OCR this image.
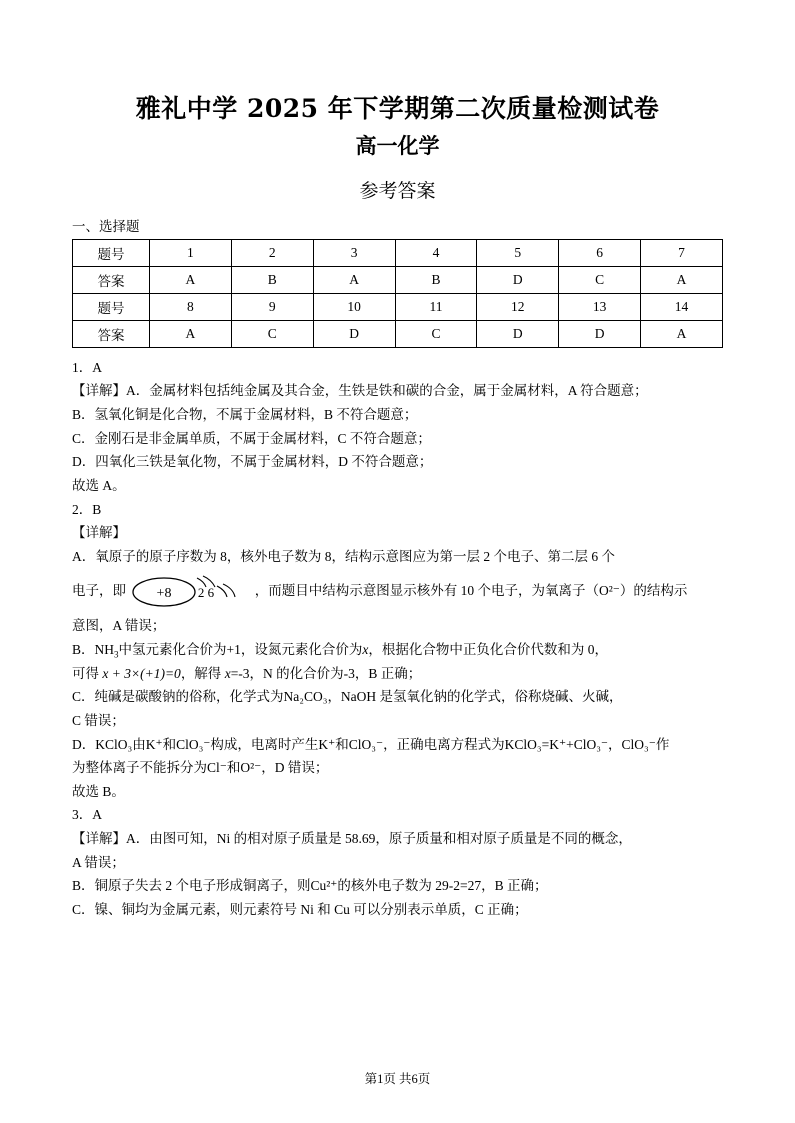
雅礼中学 2025 年下学期第二次质量检测试卷
高一化学
参考答案
一、选择题
题号	1	2	3	4	5	6	7
答案	A	B	A	B	D	C	A
题号	8	9	10	11	12	13	14
答案	A	C	D	C	D	D	A
1．A

【详解】A．金属材料包括纯金属及其合金，生铁是铁和碳的合金，属于金属材料，A 符合题意；

B．氢氧化铜是化合物，不属于金属材料，B 不符合题意；

C．金刚石是非金属单质，不属于金属材料，C 不符合题意；

D．四氧化三铁是氧化物，不属于金属材料，D 不符合题意；

故选 A。

2．B

【详解】

A．氧原子的原子序数为 8，核外电子数为 8，结构示意图应为第一层 2 个电子、第二层 6 个

电子，即 +8 2 6	，而题目中结构示意图显示核外有 10 个电子，为氧离子（O²⁻）的结构示

意图，A 错误；

B．$NH_3$中氢元素化合价为+1，设氮元素化合价为x，根据化合物中正负化合价代数和为 0，

可得 x + 3×(+1)=0，解得 x=-3，N 的化合价为-3，B 正确；

C．纯碱是碳酸钠的俗称，化学式为Na₂CO₃，NaOH 是氢氧化钠的化学式，俗称烧碱、火碱，

C 错误；

D．KClO₃由K⁺和ClO₃⁻构成，电离时产生K⁺和ClO₃⁻，正确电离方程式为KClO₃=K⁺+ClO₃⁻，ClO₃⁻作

为整体离子不能拆分为Cl⁻和O²⁻，D 错误；

故选 B。

3．A

【详解】A．由图可知，Ni 的相对原子质量是 58.69，原子质量和相对原子质量是不同的概念，

A 错误；

B．铜原子失去 2 个电子形成铜离子，则Cu²⁺的核外电子数为 29-2=27，B 正确；

C．镍、铜均为金属元素，则元素符号 Ni 和 Cu 可以分别表示单质，C 正确；

第1页 共6页
